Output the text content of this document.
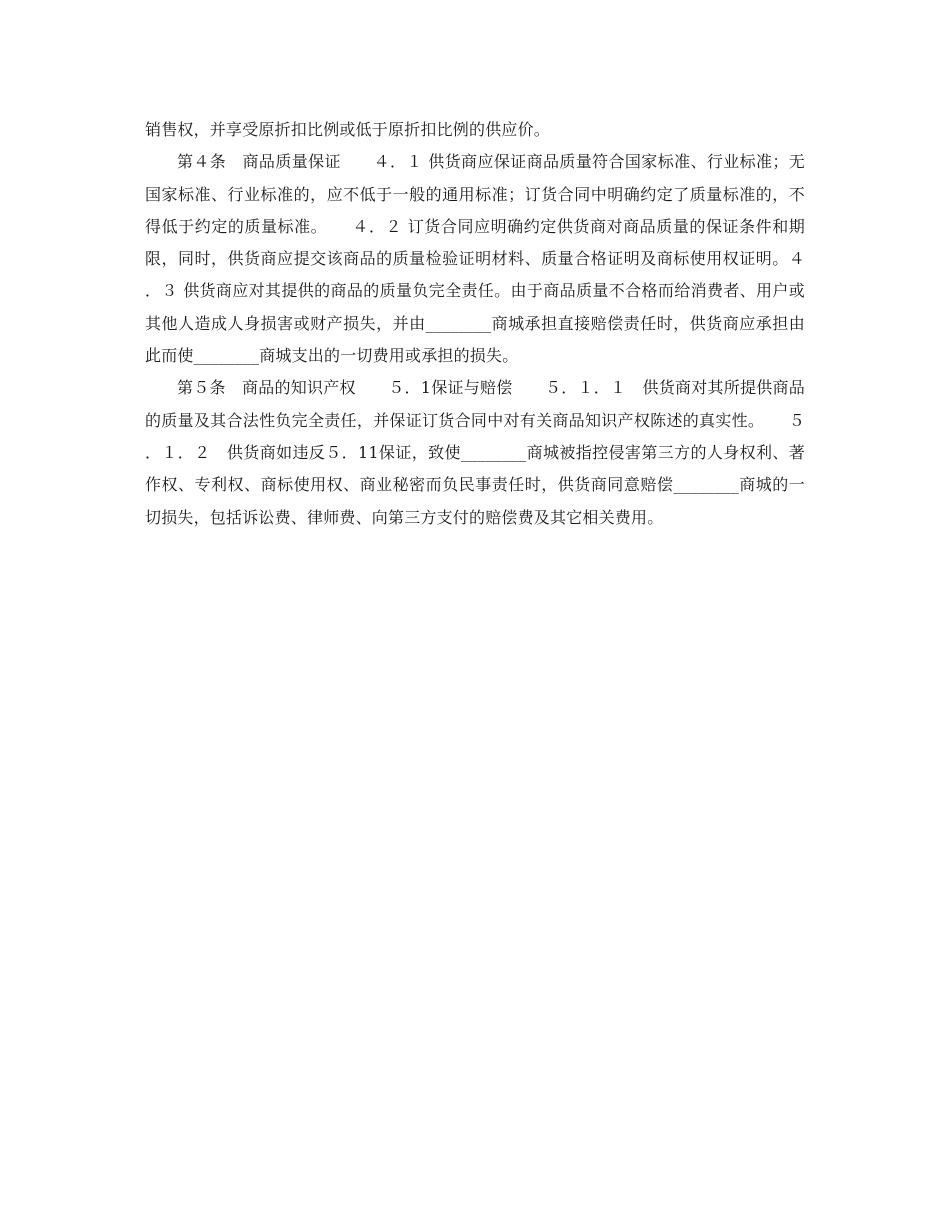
销售权，并享受原折扣比例或低于原折扣比例的供应价。

第４条　商品质量保证　　４．１ 供货商应保证商品质量符合国家标准、行业标准；无国家标准、行业标准的，应不低于一般的通用标准；订货合同中明确约定了质量标准的，不得低于约定的质量标准。　　４．２ 订货合同应明确约定供货商对商品质量的保证条件和期限，同时，供货商应提交该商品的质量检验证明材料、质量合格证明及商标使用权证明。４．３ 供货商应对其提供的商品的质量负完全责任。由于商品质量不合格而给消费者、用户或其他人造成人身损害或财产损失，并由________商城承担直接赔偿责任时，供货商应承担由此而使________商城支出的一切费用或承担的损失。

第５条　商品的知识产权　　５．1保证与赔偿　　５．１．１　供货商对其所提供商品的质量及其合法性负完全责任，并保证订货合同中对有关商品知识产权陈述的真实性。　　５．１．２　供货商如违反５．11保证，致使________商城被指控侵害第三方的人身权利、著作权、专利权、商标使用权、商业秘密而负民事责任时，供货商同意赔偿________商城的一切损失，包括诉讼费、律师费、向第三方支付的赔偿费及其它相关费用。
